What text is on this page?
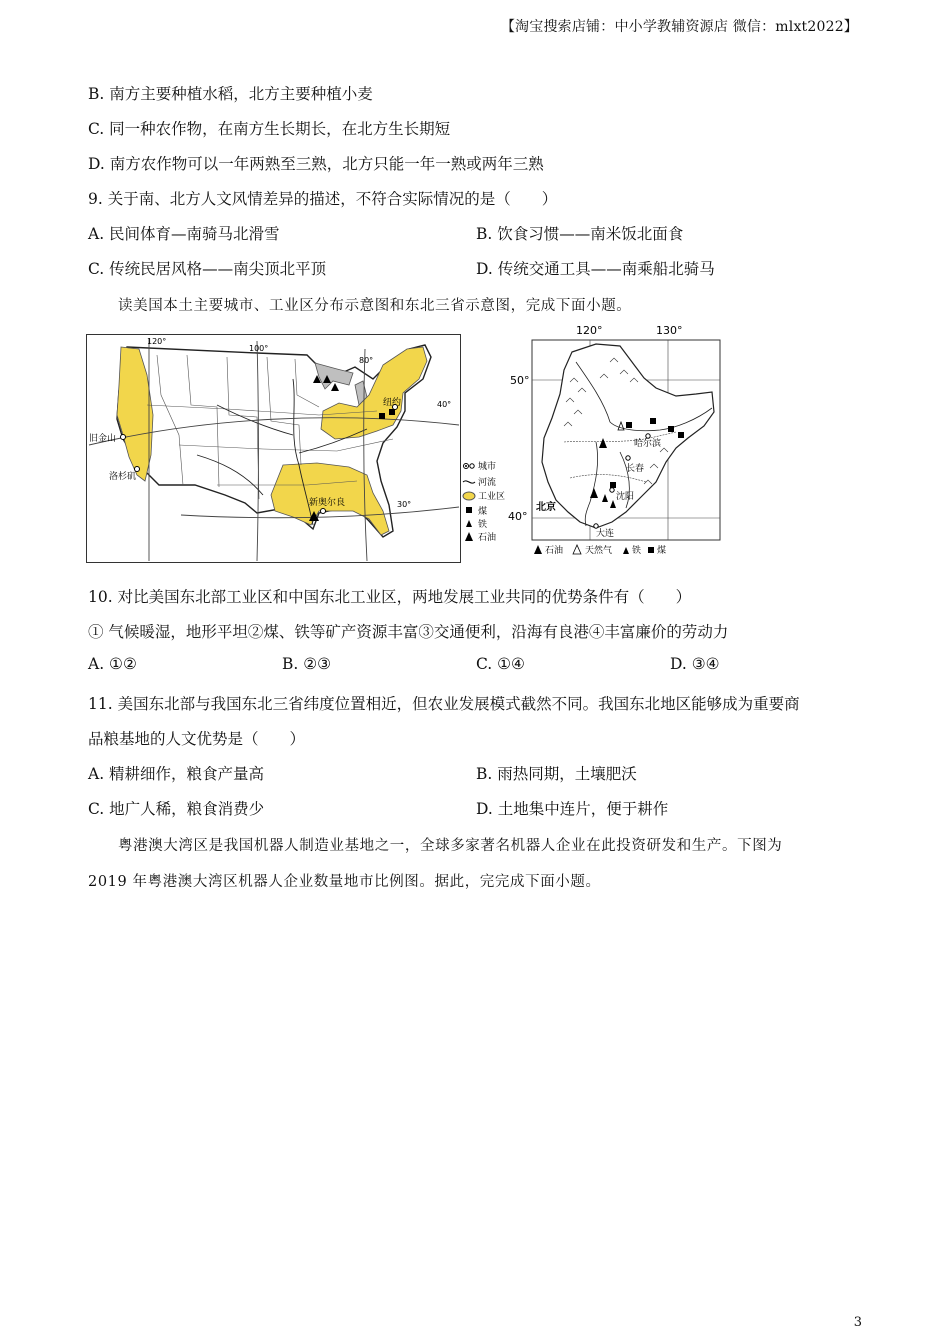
【淘宝搜索店铺：中小学教辅资源店 微信：mlxt2022】
B. 南方主要种植水稻，北方主要种植小麦
C. 同一种农作物，在南方生长期长，在北方生长期短
D. 南方农作物可以一年两熟至三熟，北方只能一年一熟或两年三熟
9. 关于南、北方人文风情差异的描述，不符合实际情况的是（　　）
A. 民间体育—南骑马北滑雪	B. 饮食习惯——南米饭北面食
C. 传统民居风格——南尖顶北平顶	D. 传统交通工具——南乘船北骑马
读美国本土主要城市、工业区分布示意图和东北三省示意图，完成下面小题。
120°
100°
80°
40°
30°
旧金山
洛杉矶
纽约
新奥尔良
城市
河流
工业区
煤
铁
石油
120°	130°
50°
40°
哈尔滨
长春
沈阳
大连
北京
石油 天然气 铁 煤
10. 对比美国东北部工业区和中国东北工业区，两地发展工业共同的优势条件有（　　）
① 气候暖湿，地形平坦②煤、铁等矿产资源丰富③交通便利，沿海有良港④丰富廉价的劳动力
A. ①②	B. ②③	C. ①④	D. ③④
11. 美国东北部与我国东北三省纬度位置相近，但农业发展模式截然不同。我国东北地区能够成为重要商
品粮基地的人文优势是（　　）
A. 精耕细作，粮食产量高	B. 雨热同期，土壤肥沃
C. 地广人稀，粮食消费少	D. 土地集中连片，便于耕作
粤港澳大湾区是我国机器人制造业基地之一，全球多家著名机器人企业在此投资研发和生产。下图为
2019 年粤港澳大湾区机器人企业数量地市比例图。据此，完完成下面小题。
3
